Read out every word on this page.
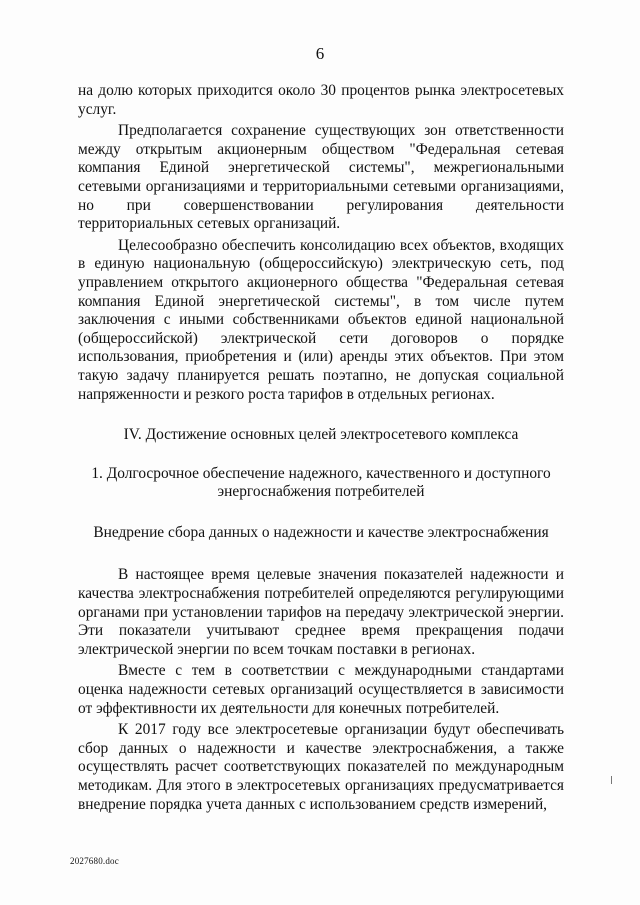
6

на долю которых приходится около 30 процентов рынка электросетевых услуг.

Предполагается сохранение существующих зон ответственности между открытым акционерным обществом "Федеральная сетевая компания Единой энергетической системы", межрегиональными сетевыми организациями и территориальными сетевыми организациями, но при совершенствовании регулирования деятельности территориальных сетевых организаций.

Целесообразно обеспечить консолидацию всех объектов, входящих в единую национальную (общероссийскую) электрическую сеть, под управлением открытого акционерного общества "Федеральная сетевая компания Единой энергетической системы", в том числе путем заключения с иными собственниками объектов единой национальной (общероссийской) электрической сети договоров о порядке использования, приобретения и (или) аренды этих объектов. При этом такую задачу планируется решать поэтапно, не допуская социальной напряженности и резкого роста тарифов в отдельных регионах.

IV. Достижение основных целей электросетевого комплекса

1. Долгосрочное обеспечение надежного, качественного и доступного

энергоснабжения потребителей

Внедрение сбора данных о надежности и качестве электроснабжения

В настоящее время целевые значения показателей надежности и качества электроснабжения потребителей определяются регулирующими органами при установлении тарифов на передачу электрической энергии. Эти показатели учитывают среднее время прекращения подачи электрической энергии по всем точкам поставки в регионах.

Вместе с тем в соответствии с международными стандартами оценка надежности сетевых организаций осуществляется в зависимости от эффективности их деятельности для конечных потребителей.

К 2017 году все электросетевые организации будут обеспечивать сбор данных о надежности и качестве электроснабжения, а также осуществлять расчет соответствующих показателей по международным методикам. Для этого в электросетевых организациях предусматривается внедрение порядка учета данных с использованием средств измерений,

2027680.doc
